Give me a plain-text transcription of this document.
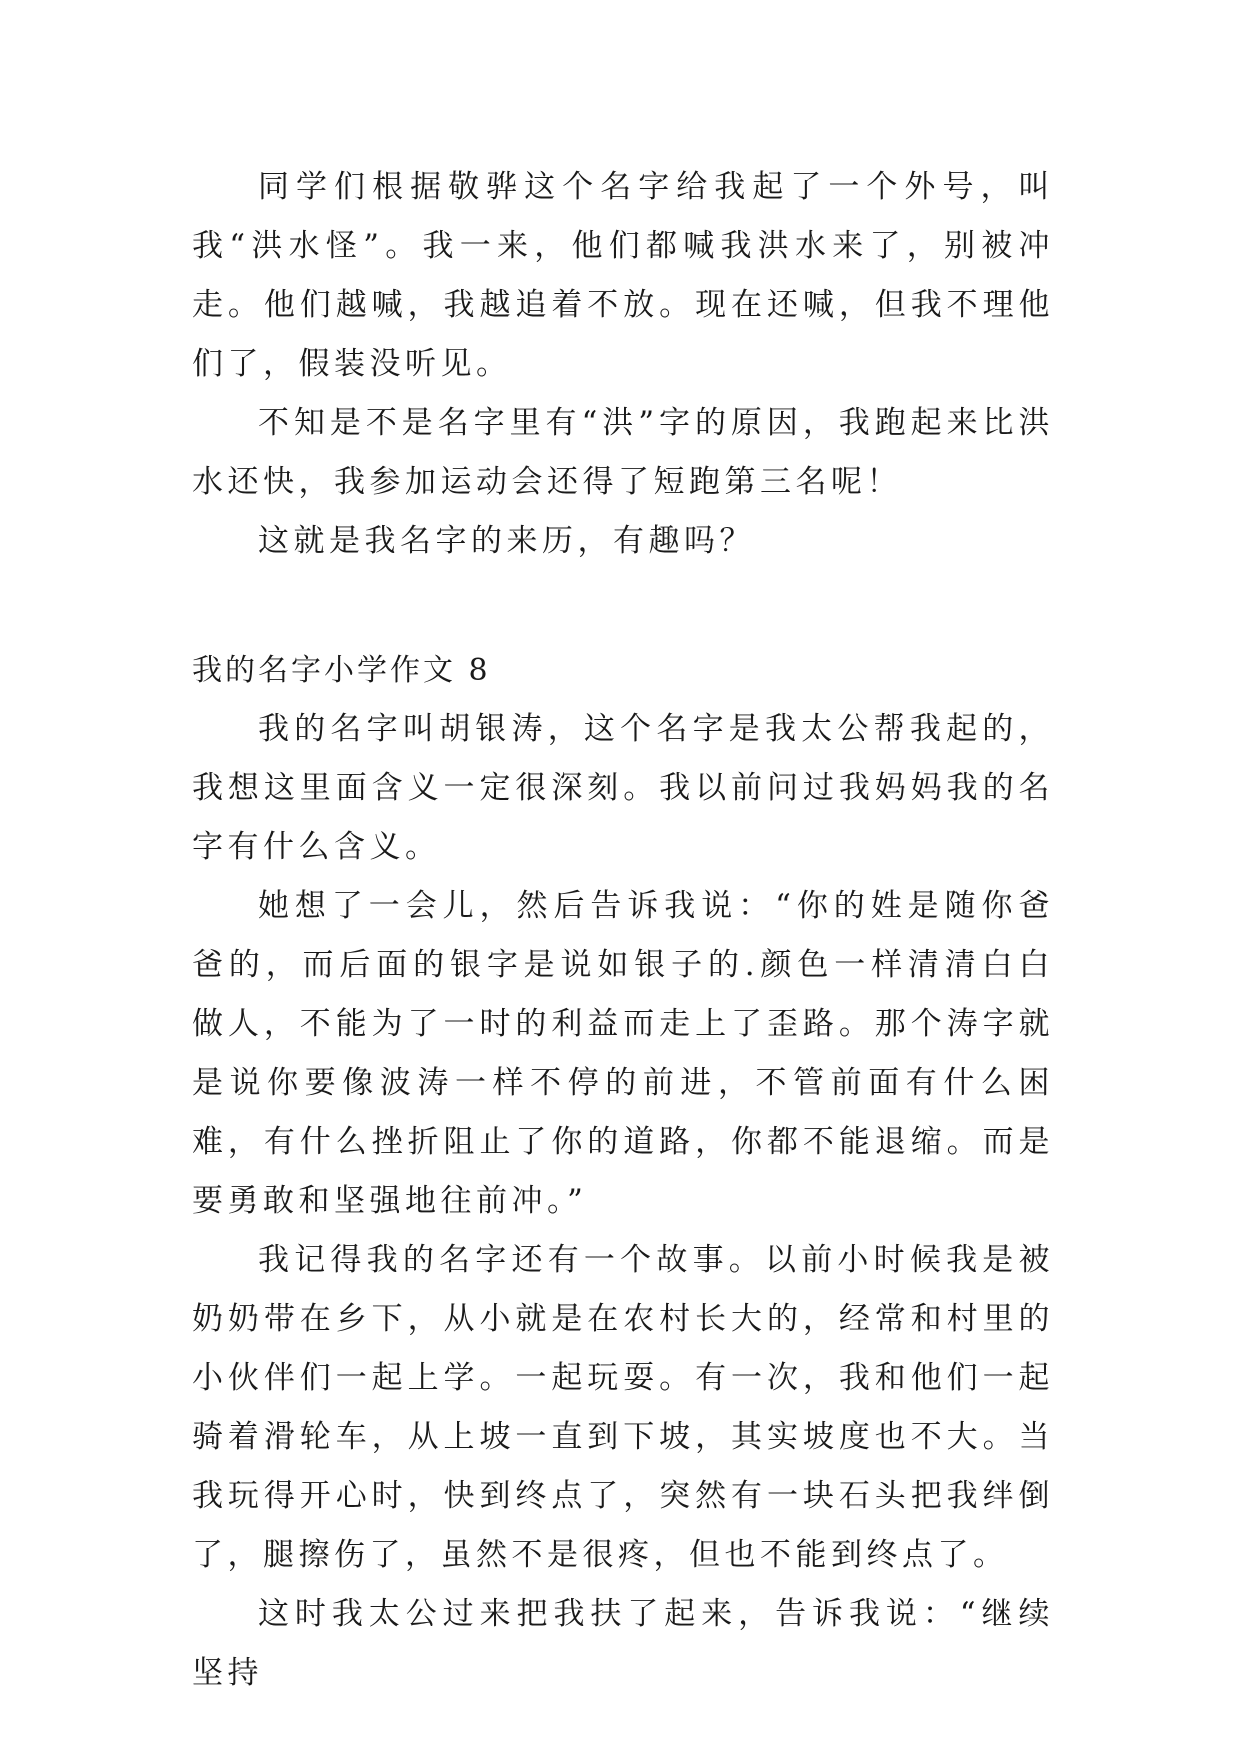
同学们根据敬骅这个名字给我起了一个外号，叫我“洪水怪”。我一来，他们都喊我洪水来了，别被冲走。他们越喊，我越追着不放。现在还喊，但我不理他们了，假装没听见。

不知是不是名字里有“洪”字的原因，我跑起来比洪水还快，我参加运动会还得了短跑第三名呢！

这就是我名字的来历，有趣吗？

我的名字小学作文 8

我的名字叫胡银涛，这个名字是我太公帮我起的，我想这里面含义一定很深刻。我以前问过我妈妈我的名字有什么含义。

她想了一会儿，然后告诉我说：“你的姓是随你爸爸的，而后面的银字是说如银子的.颜色一样清清白白做人，不能为了一时的利益而走上了歪路。那个涛字就是说你要像波涛一样不停的前进，不管前面有什么困难，有什么挫折阻止了你的道路，你都不能退缩。而是要勇敢和坚强地往前冲。”

我记得我的名字还有一个故事。以前小时候我是被奶奶带在乡下，从小就是在农村长大的，经常和村里的小伙伴们一起上学。一起玩耍。有一次，我和他们一起骑着滑轮车，从上坡一直到下坡，其实坡度也不大。当我玩得开心时，快到终点了，突然有一块石头把我绊倒了，腿擦伤了，虽然不是很疼，但也不能到终点了。

这时我太公过来把我扶了起来，告诉我说：“继续坚持
